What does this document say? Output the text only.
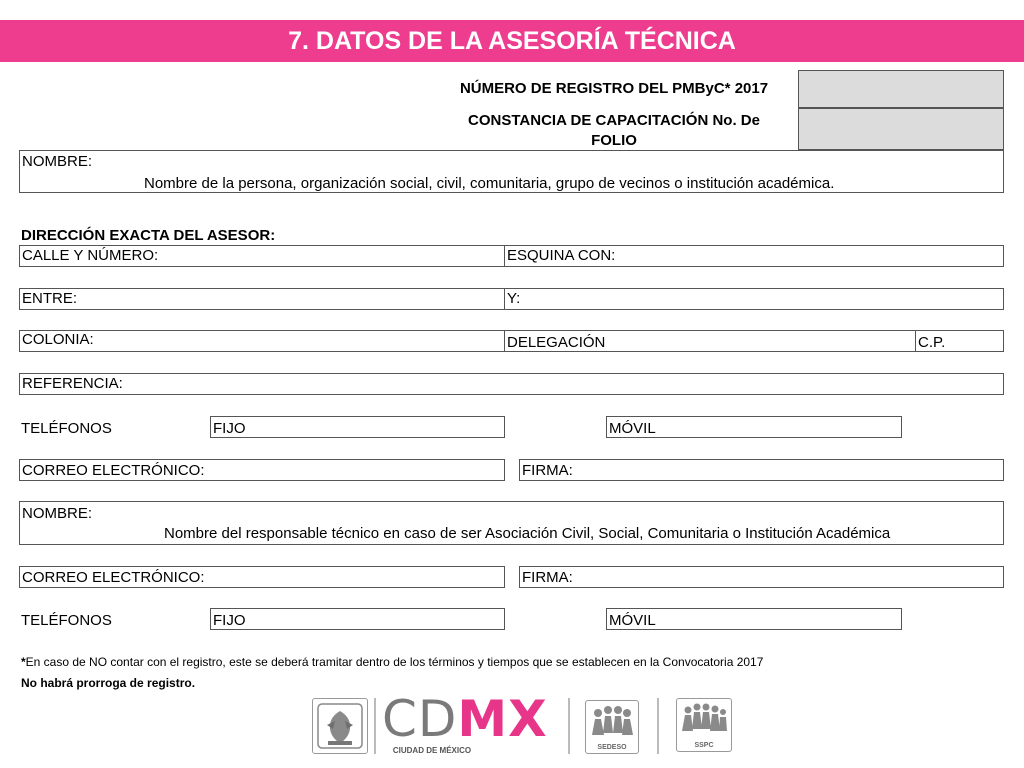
7. DATOS DE LA ASESORÍA TÉCNICA
NÚMERO DE REGISTRO DEL PMByC* 2017
CONSTANCIA DE CAPACITACIÓN No. De
FOLIO
NOMBRE:
Nombre de la persona, organización social, civil, comunitaria, grupo de vecinos o institución académica.
DIRECCIÓN EXACTA DEL ASESOR:
CALLE Y NÚMERO:	ESQUINA CON:
ENTRE:	Y:
COLONIA:	DELEGACIÓN	C.P.
REFERENCIA:
TELÉFONOS	FIJO	MÓVIL
CORREO ELECTRÓNICO:	FIRMA:
NOMBRE:
Nombre del responsable técnico en caso de ser Asociación Civil, Social, Comunitaria o Institución Académica
CORREO ELECTRÓNICO:	FIRMA:
TELÉFONOS	FIJO	MÓVIL
*En caso de NO contar con el registro, este se deberá tramitar dentro de los términos y tiempos que se establecen en la Convocatoria 2017
No habrá prorroga de registro.
CDMX
CIUDAD DE MÉXICO	SEDESO	SSPC
